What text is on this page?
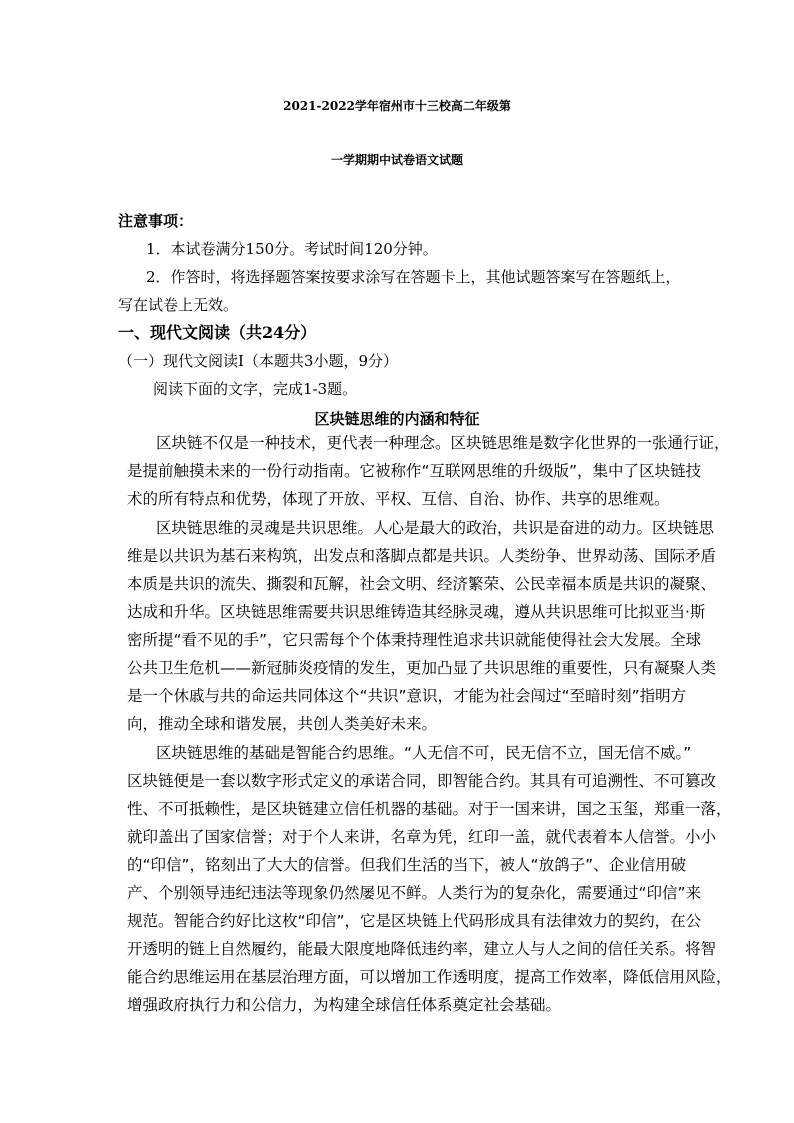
2021-2022学年宿州市十三校高二年级第
一学期期中试卷语文试题
注意事项：
1．本试卷满分150分。考试时间120分钟。
2．作答时，将选择题答案按要求涂写在答题卡上，其他试题答案写在答题纸上，
写在试卷上无效。
一、现代文阅读（共24分）
（一）现代文阅读Ⅰ（本题共3小题，9分）
阅读下面的文字，完成1-3题。
区块链思维的内涵和特征
区块链不仅是一种技术，更代表一种理念。区块链思维是数字化世界的一张通行证，
是提前触摸未来的一份行动指南。它被称作“互联网思维的升级版”，集中了区块链技
术的所有特点和优势，体现了开放、平权、互信、自治、协作、共享的思维观。
区块链思维的灵魂是共识思维。人心是最大的政治，共识是奋进的动力。区块链思
维是以共识为基石来构筑，出发点和落脚点都是共识。人类纷争、世界动荡、国际矛盾
本质是共识的流失、撕裂和瓦解，社会文明、经济繁荣、公民幸福本质是共识的凝聚、
达成和升华。区块链思维需要共识思维铸造其经脉灵魂，遵从共识思维可比拟亚当·斯
密所提“看不见的手”，它只需每个个体秉持理性追求共识就能使得社会大发展。全球
公共卫生危机——新冠肺炎疫情的发生，更加凸显了共识思维的重要性，只有凝聚人类
是一个休戚与共的命运共同体这个“共识”意识，才能为社会闯过“至暗时刻”指明方
向，推动全球和谐发展，共创人类美好未来。
区块链思维的基础是智能合约思维。“人无信不可，民无信不立，国无信不威。”
区块链便是一套以数字形式定义的承诺合同，即智能合约。其具有可追溯性、不可篡改
性、不可抵赖性，是区块链建立信任机器的基础。对于一国来讲，国之玉玺，郑重一落，
就印盖出了国家信誉；对于个人来讲，名章为凭，红印一盖，就代表着本人信誉。小小
的“印信”，铭刻出了大大的信誉。但我们生活的当下，被人“放鸽子”、企业信用破
产、个别领导违纪违法等现象仍然屡见不鲜。人类行为的复杂化，需要通过“印信”来
规范。智能合约好比这枚“印信”，它是区块链上代码形成具有法律效力的契约，在公
开透明的链上自然履约，能最大限度地降低违约率，建立人与人之间的信任关系。将智
能合约思维运用在基层治理方面，可以增加工作透明度，提高工作效率，降低信用风险，
增强政府执行力和公信力，为构建全球信任体系奠定社会基础。
